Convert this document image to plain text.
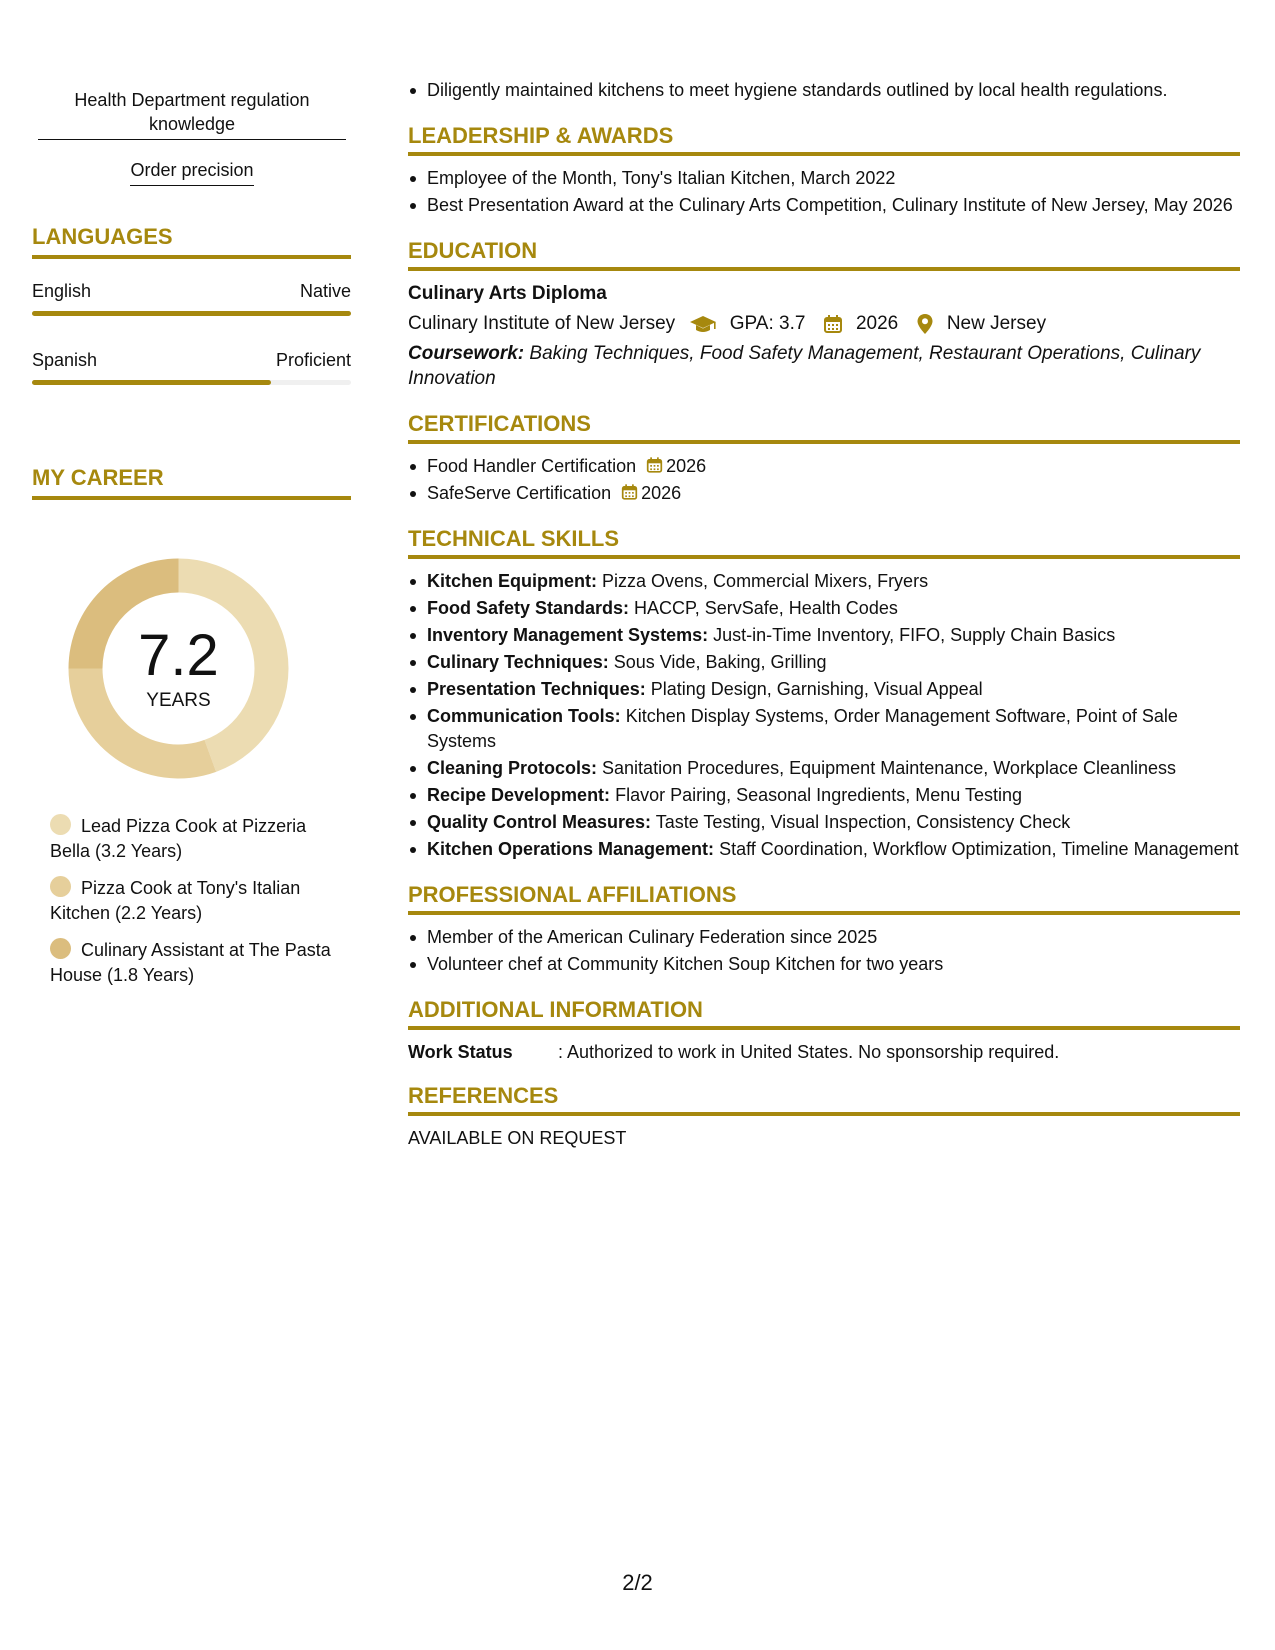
Health Department regulation knowledge
Order precision
LANGUAGES
English	Native
Spanish	Proficient
MY CAREER
7.2
YEARS
Lead Pizza Cook at Pizzeria Bella (3.2 Years)
Pizza Cook at Tony's Italian Kitchen (2.2 Years)
Culinary Assistant at The Pasta House (1.8 Years)
Diligently maintained kitchens to meet hygiene standards outlined by local health regulations.
LEADERSHIP & AWARDS
Employee of the Month, Tony's Italian Kitchen, March 2022
Best Presentation Award at the Culinary Arts Competition, Culinary Institute of New Jersey, May 2026
EDUCATION
Culinary Arts Diploma
Culinary Institute of New Jersey	GPA: 3.7	2026	New Jersey
Coursework: Baking Techniques, Food Safety Management, Restaurant Operations, Culinary Innovation
CERTIFICATIONS
Food Handler Certification 2026
SafeServe Certification 2026
TECHNICAL SKILLS
Kitchen Equipment: Pizza Ovens, Commercial Mixers, Fryers
Food Safety Standards: HACCP, ServSafe, Health Codes
Inventory Management Systems: Just-in-Time Inventory, FIFO, Supply Chain Basics
Culinary Techniques: Sous Vide, Baking, Grilling
Presentation Techniques: Plating Design, Garnishing, Visual Appeal
Communication Tools: Kitchen Display Systems, Order Management Software, Point of Sale Systems
Cleaning Protocols: Sanitation Procedures, Equipment Maintenance, Workplace Cleanliness
Recipe Development: Flavor Pairing, Seasonal Ingredients, Menu Testing
Quality Control Measures: Taste Testing, Visual Inspection, Consistency Check
Kitchen Operations Management: Staff Coordination, Workflow Optimization, Timeline Management
PROFESSIONAL AFFILIATIONS
Member of the American Culinary Federation since 2025
Volunteer chef at Community Kitchen Soup Kitchen for two years
ADDITIONAL INFORMATION
Work Status	: Authorized to work in United States. No sponsorship required.
REFERENCES
AVAILABLE ON REQUEST
2/2
